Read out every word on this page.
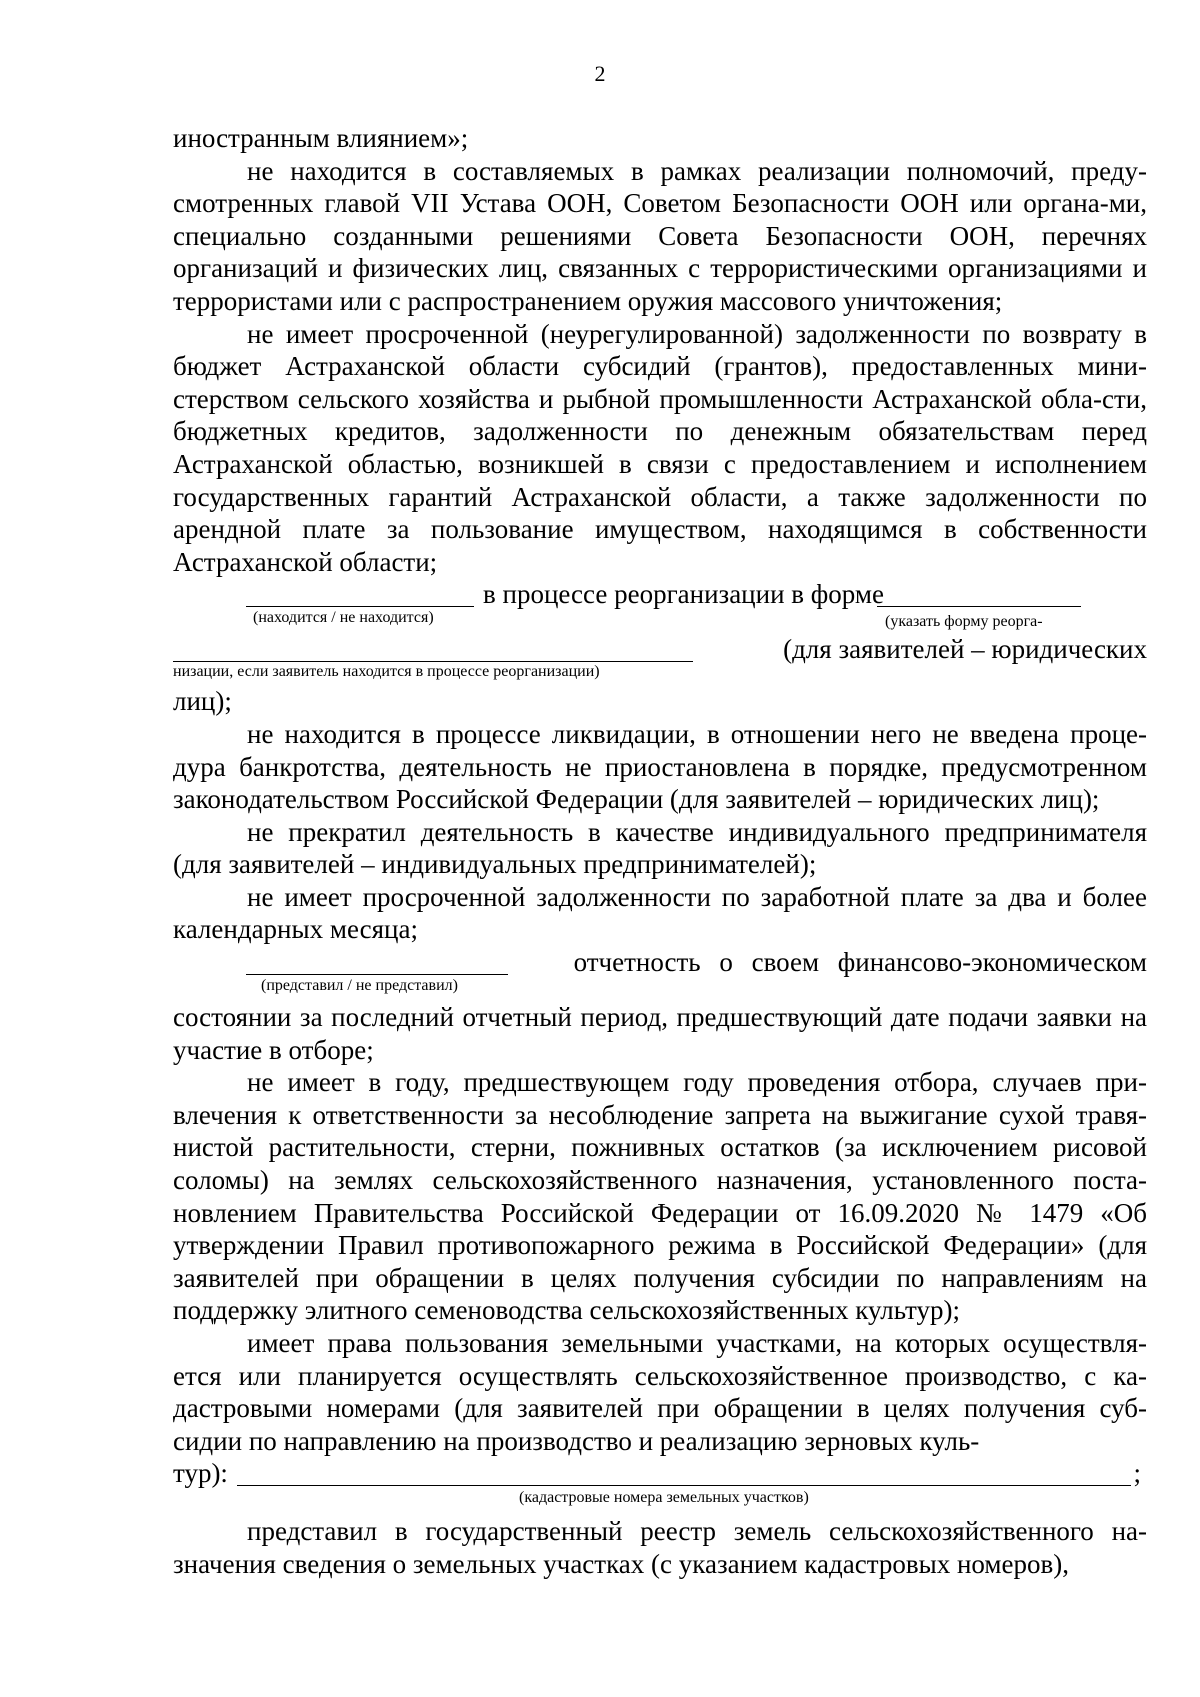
2

иностранным влиянием»;

не находится в составляемых в рамках реализации полномочий, преду-смотренных главой VII Устава ООН, Советом Безопасности ООН или органа-ми, специально созданными решениями Совета Безопасности ООН, перечнях организаций и физических лиц, связанных с террористическими организациями и террористами или с распространением оружия массового уничтожения;

не имеет просроченной (неурегулированной) задолженности по возврату в бюджет Астраханской области субсидий (грантов), предоставленных мини-стерством сельского хозяйства и рыбной промышленности Астраханской обла-сти, бюджетных кредитов, задолженности по денежным обязательствам перед Астраханской областью, возникшей в связи с предоставлением и исполнением государственных гарантий Астраханской области, а также задолженности по арендной плате за пользование имуществом, находящимся в собственности Астраханской области;

в процессе реорганизации в форме
(находится / не находится)	(указать форму реорга-
(для заявителей – юридических
низации, если заявитель находится в процессе реорганизации)

лиц);

не находится в процессе ликвидации, в отношении него не введена проце-дура банкротства, деятельность не приостановлена в порядке, предусмотренном законодательством Российской Федерации (для заявителей – юридических лиц);

не прекратил деятельность в качестве индивидуального предпринимателя (для заявителей – индивидуальных предпринимателей);

не имеет просроченной задолженности по заработной плате за два и более календарных месяца;

отчетность о своем финансово-экономическом
(представил / не представил)

состоянии за последний отчетный период, предшествующий дате подачи заявки на участие в отборе;

не имеет в году, предшествующем году проведения отбора, случаев при-влечения к ответственности за несоблюдение запрета на выжигание сухой травя-нистой растительности, стерни, пожнивных остатков (за исключением рисовой соломы) на землях сельскохозяйственного назначения, установленного поста-новлением Правительства Российской Федерации от 16.09.2020 № 1479 «Об утверждении Правил противопожарного режима в Российской Федерации» (для заявителей при обращении в целях получения субсидии по направлениям на поддержку элитного семеноводства сельскохозяйственных культур);

имеет права пользования земельными участками, на которых осуществля-ется или планируется осуществлять сельскохозяйственное производство, с ка-дастровыми номерами (для заявителей при обращении в целях получения суб-сидии по направлению на производство и реализацию зерновых куль-

тур):	;
(кадастровые номера земельных участков)

представил в государственный реестр земель сельскохозяйственного на-значения сведения о земельных участках (с указанием кадастровых номеров),
